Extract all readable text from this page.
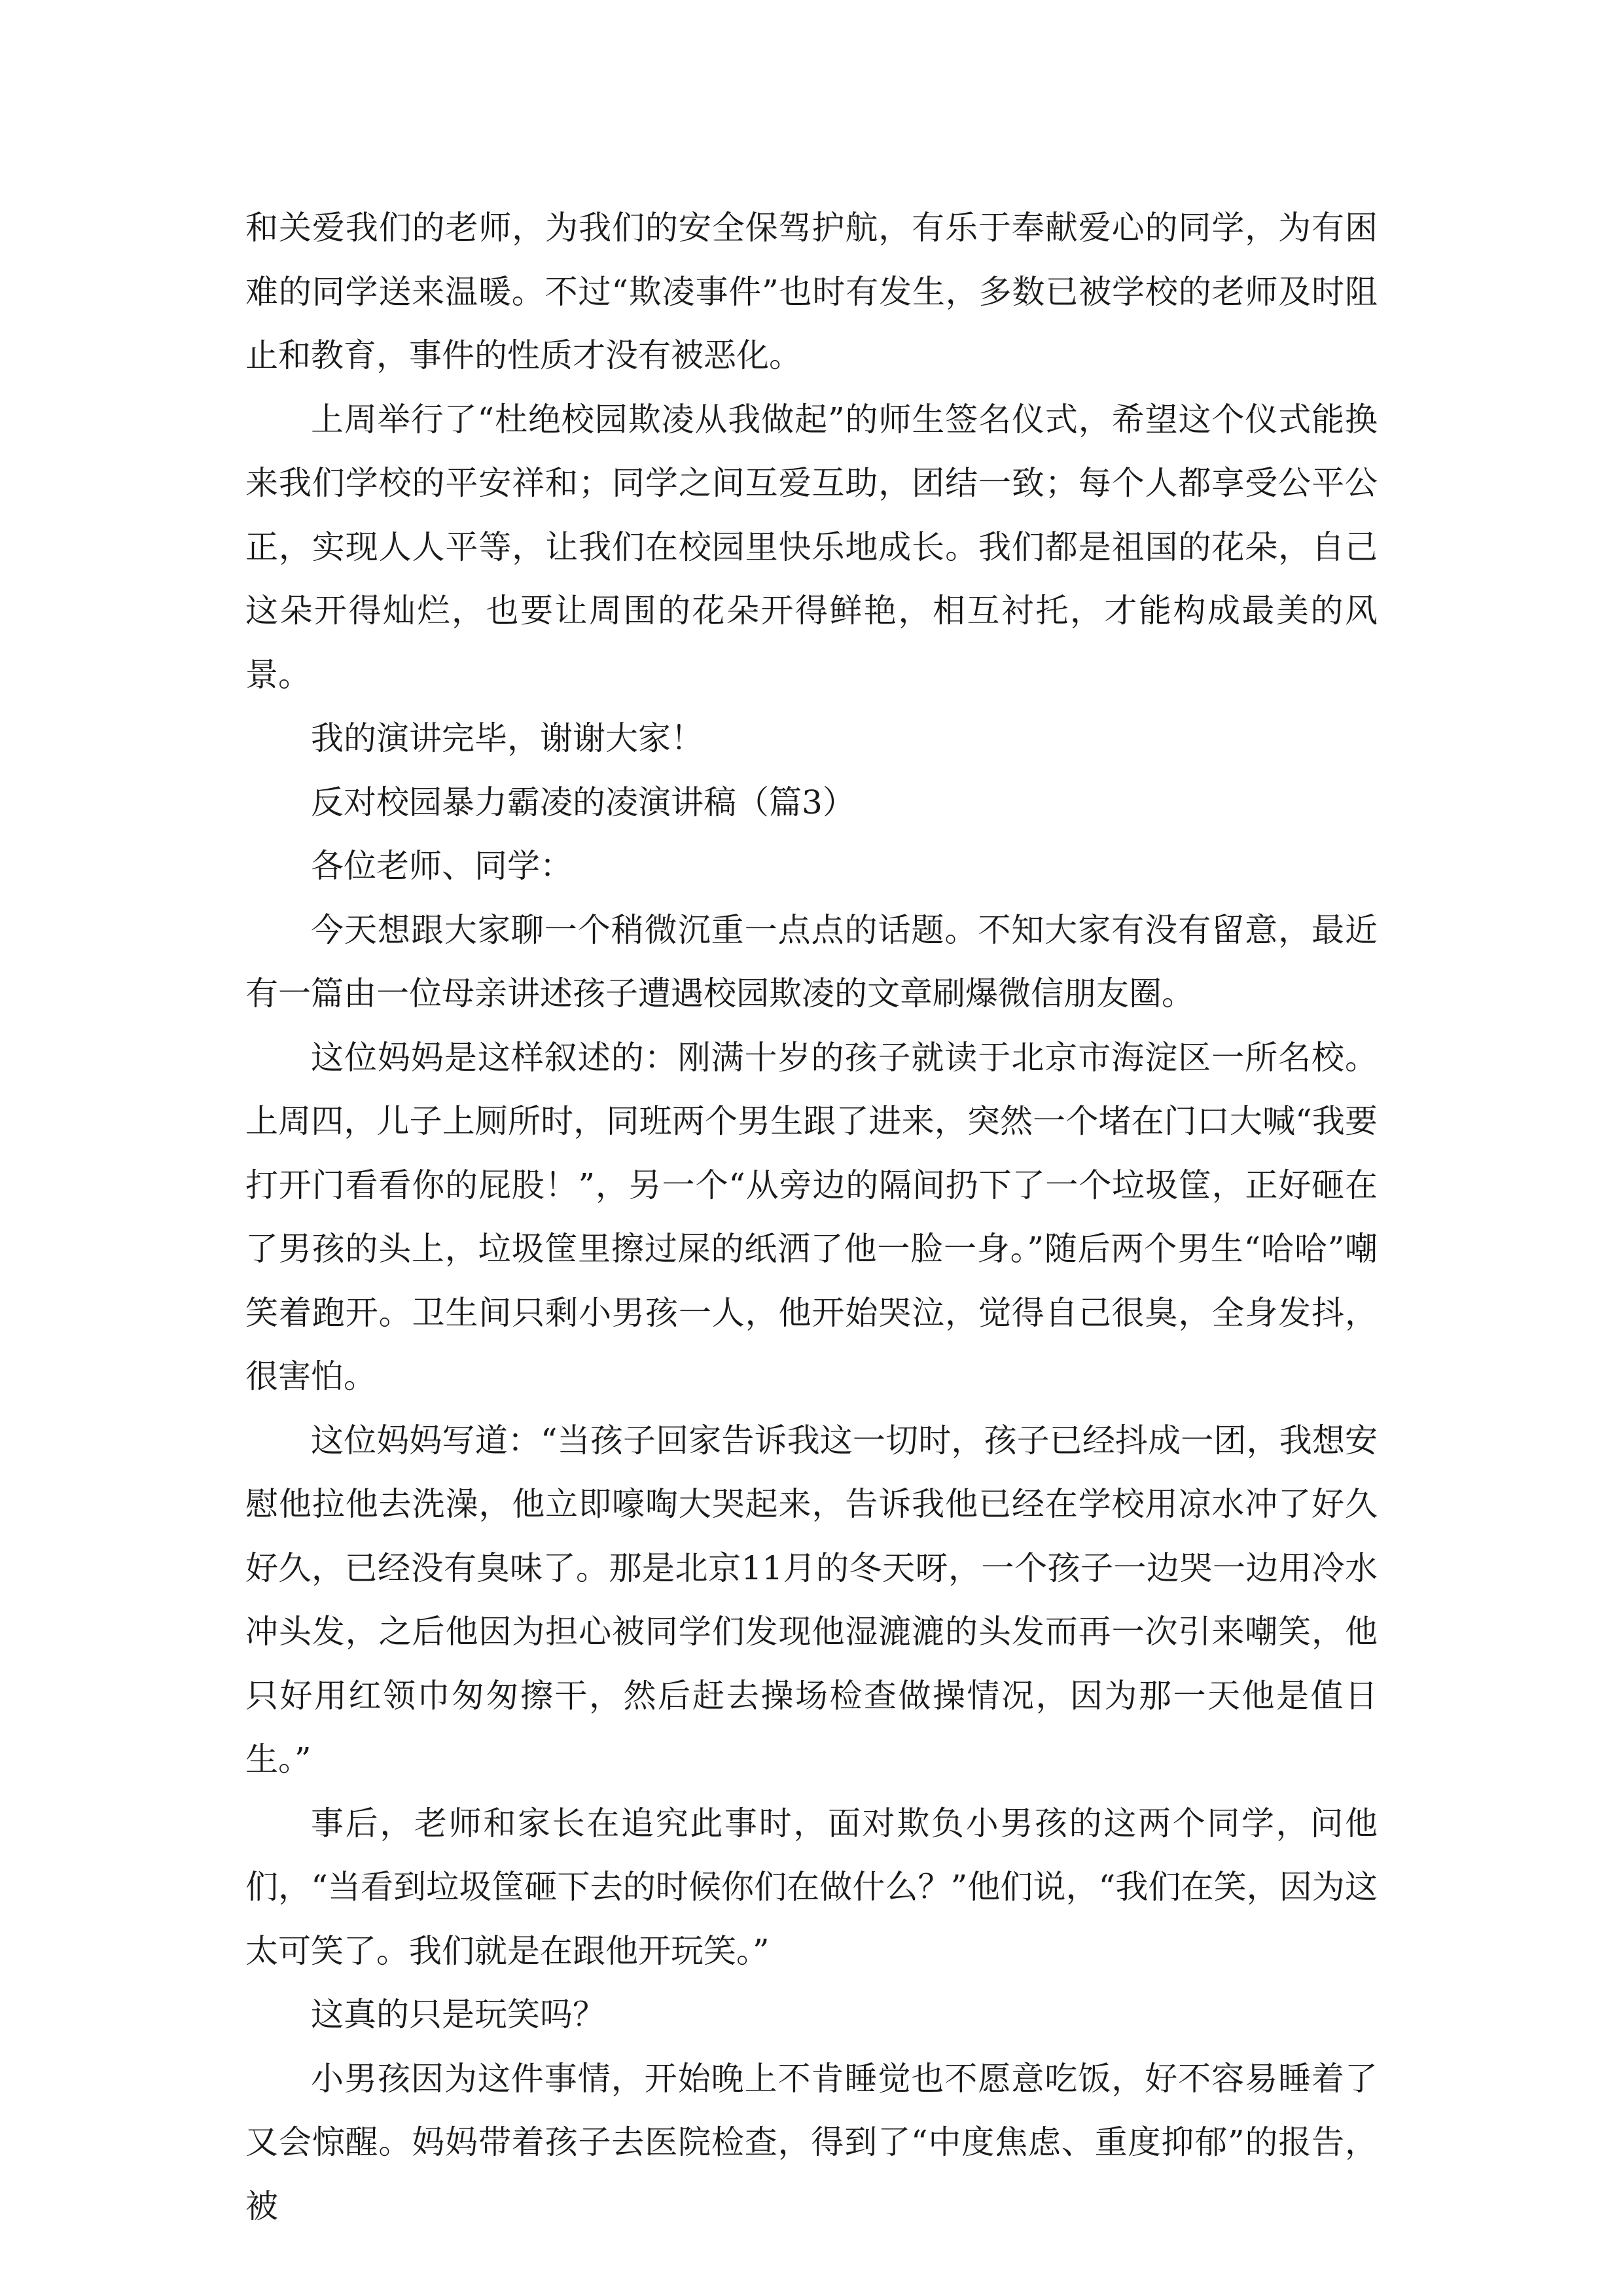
和关爱我们的老师，为我们的安全保驾护航，有乐于奉献爱心的同学，为有困难的同学送来温暖。不过“欺凌事件”也时有发生，多数已被学校的老师及时阻止和教育，事件的性质才没有被恶化。

上周举行了“杜绝校园欺凌从我做起”的师生签名仪式，希望这个仪式能换来我们学校的平安祥和；同学之间互爱互助，团结一致；每个人都享受公平公正，实现人人平等，让我们在校园里快乐地成长。我们都是祖国的花朵，自己这朵开得灿烂，也要让周围的花朵开得鲜艳，相互衬托，才能构成最美的风景。

我的演讲完毕，谢谢大家！

反对校园暴力霸凌的凌演讲稿（篇3）

各位老师、同学：

今天想跟大家聊一个稍微沉重一点点的话题。不知大家有没有留意，最近有一篇由一位母亲讲述孩子遭遇校园欺凌的文章刷爆微信朋友圈。

这位妈妈是这样叙述的：刚满十岁的孩子就读于北京市海淀区一所名校。上周四，儿子上厕所时，同班两个男生跟了进来，突然一个堵在门口大喊“我要打开门看看你的屁股！”，另一个“从旁边的隔间扔下了一个垃圾筐，正好砸在了男孩的头上，垃圾筐里擦过屎的纸洒了他一脸一身。”随后两个男生“哈哈”嘲笑着跑开。卫生间只剩小男孩一人，他开始哭泣，觉得自己很臭，全身发抖，很害怕。

这位妈妈写道：“当孩子回家告诉我这一切时，孩子已经抖成一团，我想安慰他拉他去洗澡，他立即嚎啕大哭起来，告诉我他已经在学校用凉水冲了好久好久，已经没有臭味了。那是北京11月的冬天呀，一个孩子一边哭一边用冷水冲头发，之后他因为担心被同学们发现他湿漉漉的头发而再一次引来嘲笑，他只好用红领巾匆匆擦干，然后赶去操场检查做操情况，因为那一天他是值日生。”

事后，老师和家长在追究此事时，面对欺负小男孩的这两个同学，问他们，“当看到垃圾筐砸下去的时候你们在做什么？”他们说，“我们在笑，因为这太可笑了。我们就是在跟他开玩笑。”

这真的只是玩笑吗？

小男孩因为这件事情，开始晚上不肯睡觉也不愿意吃饭，好不容易睡着了又会惊醒。妈妈带着孩子去医院检查，得到了“中度焦虑、重度抑郁”的报告，被
